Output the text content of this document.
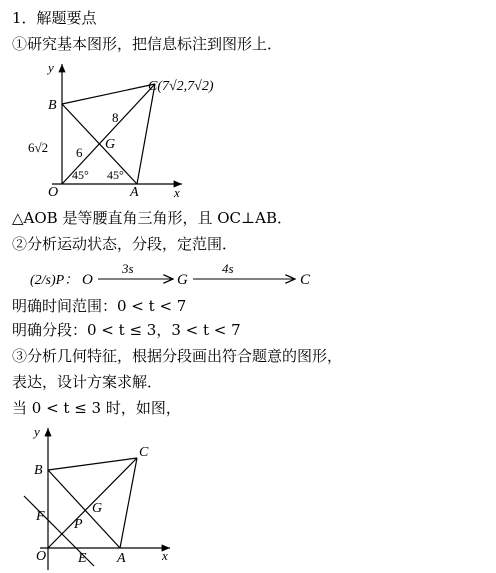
1．解题要点
①研究基本图形，把信息标注到图形上．
y
x
O	A
B
C(7√2,7√2)
G
6√2 6
8
45° 45°
△AOB 是等腰直角三角形，且 OC⊥AB．
②分析运动状态，分段，定范围．
(2/s)P： O
3s
G
4s
C
明确时间范围：0 < t < 7
明确分段：0 < t ≤ 3，3 < t < 7
③分析几何特征，根据分段画出符合题意的图形，
表达，设计方案求解．
当 0 < t ≤ 3 时，如图，
y
x
O	A
B
C
G
P
E
F
